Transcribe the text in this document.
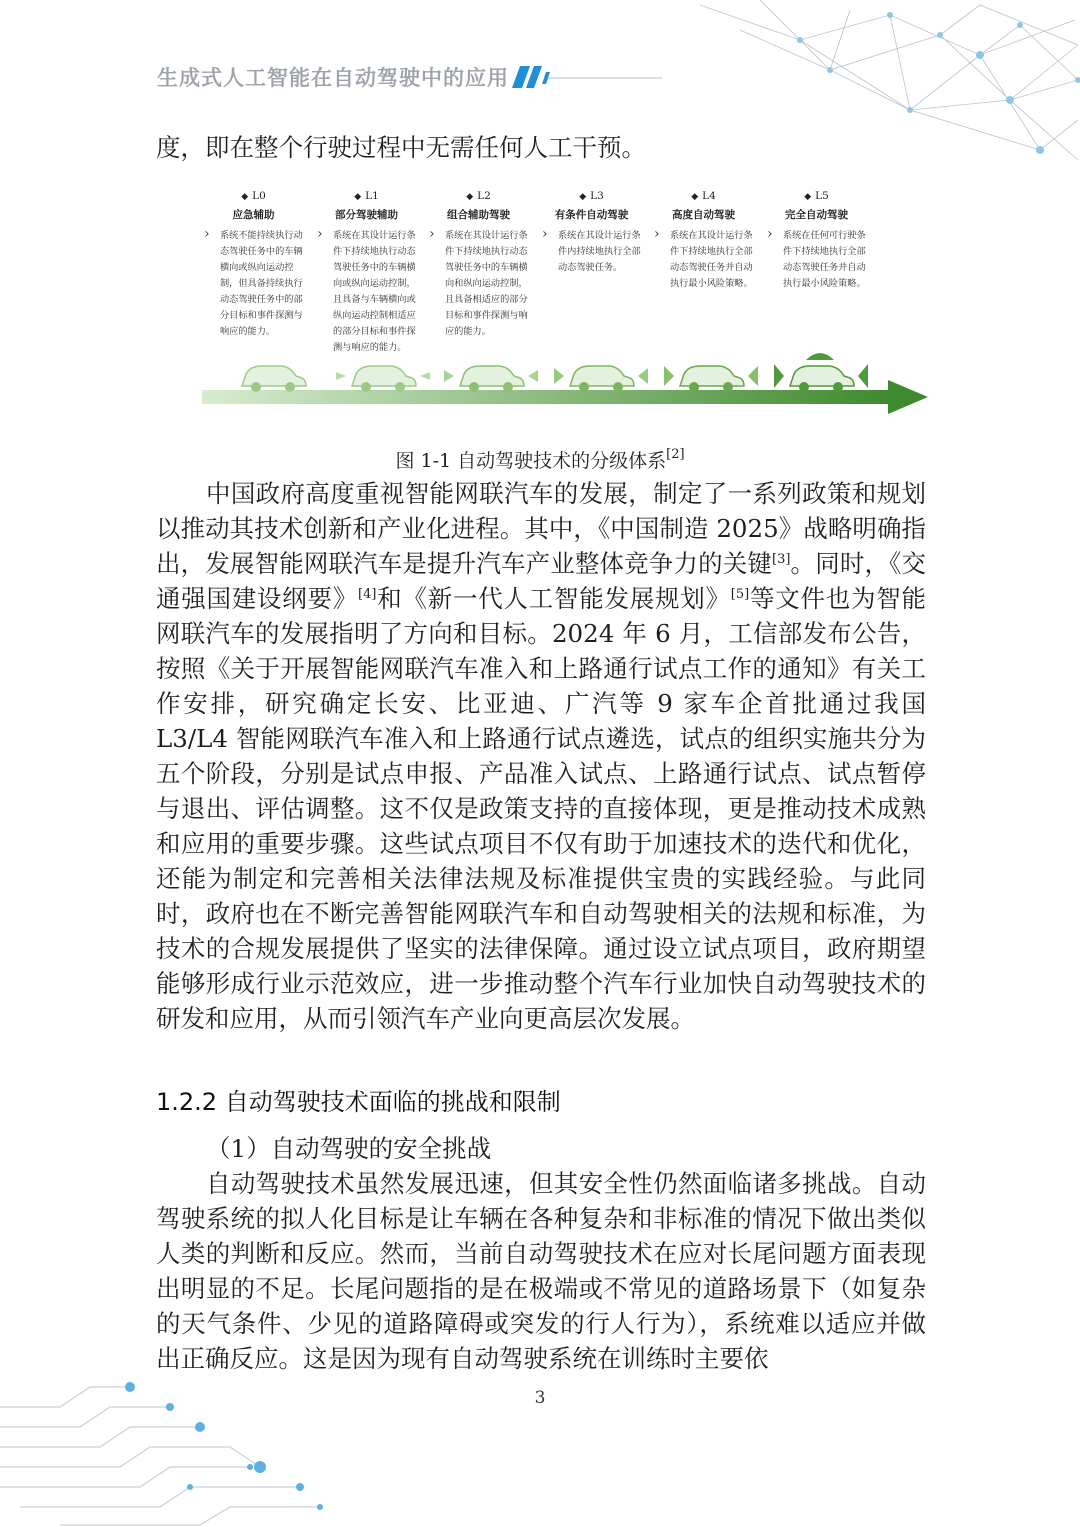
生成式人工智能在自动驾驶中的应用

度，即在整个行驶过程中无需任何人工干预。

◆ L0
应急辅助
› 系统不能持续执行动态驾驶任务中的车辆横向或纵向运动控制，但具备持续执行动态驾驶任务中的部分目标和事件探测与响应的能力。
◆ L1
部分驾驶辅助
› 系统在其设计运行条件下持续地执行动态驾驶任务中的车辆横向或纵向运动控制，且具备与车辆横向或纵向运动控制相适应的部分目标和事件探测与响应的能力。
◆ L2
组合辅助驾驶
› 系统在其设计运行条件下持续地执行动态驾驶任务中的车辆横向和纵向运动控制，且具备相适应的部分目标和事件探测与响应的能力。
◆ L3
有条件自动驾驶
› 系统在其设计运行条件内持续地执行全部动态驾驶任务。
◆ L4
高度自动驾驶
› 系统在其设计运行条件下持续地执行全部动态驾驶任务并自动执行最小风险策略。
◆ L5
完全自动驾驶
› 系统在任何可行驶条件下持续地执行全部动态驾驶任务并自动执行最小风险策略。
图 1-1 自动驾驶技术的分级体系[2]

中国政府高度重视智能网联汽车的发展，制定了一系列政策和规划以推动其技术创新和产业化进程。其中，《中国制造 2025》战略明确指出，发展智能网联汽车是提升汽车产业整体竞争力的关键[3]。同时，《交通强国建设纲要》[4]和《新一代人工智能发展规划》[5]等文件也为智能网联汽车的发展指明了方向和目标。2024 年 6 月，工信部发布公告，按照《关于开展智能网联汽车准入和上路通行试点工作的通知》有关工作安排，研究确定长安、比亚迪、广汽等 9 家车企首批通过我国 L3/L4 智能网联汽车准入和上路通行试点遴选，试点的组织实施共分为五个阶段，分别是试点申报、产品准入试点、上路通行试点、试点暂停与退出、评估调整。这不仅是政策支持的直接体现，更是推动技术成熟和应用的重要步骤。这些试点项目不仅有助于加速技术的迭代和优化，还能为制定和完善相关法律法规及标准提供宝贵的实践经验。与此同时，政府也在不断完善智能网联汽车和自动驾驶相关的法规和标准，为技术的合规发展提供了坚实的法律保障。通过设立试点项目，政府期望能够形成行业示范效应，进一步推动整个汽车行业加快自动驾驶技术的研发和应用，从而引领汽车产业向更高层次发展。

1.2.2 自动驾驶技术面临的挑战和限制
（1）自动驾驶的安全挑战

自动驾驶技术虽然发展迅速，但其安全性仍然面临诸多挑战。自动驾驶系统的拟人化目标是让车辆在各种复杂和非标准的情况下做出类似人类的判断和反应。然而，当前自动驾驶技术在应对长尾问题方面表现出明显的不足。长尾问题指的是在极端或不常见的道路场景下（如复杂的天气条件、少见的道路障碍或突发的行人行为），系统难以适应并做出正确反应。这是因为现有自动驾驶系统在训练时主要依

3
